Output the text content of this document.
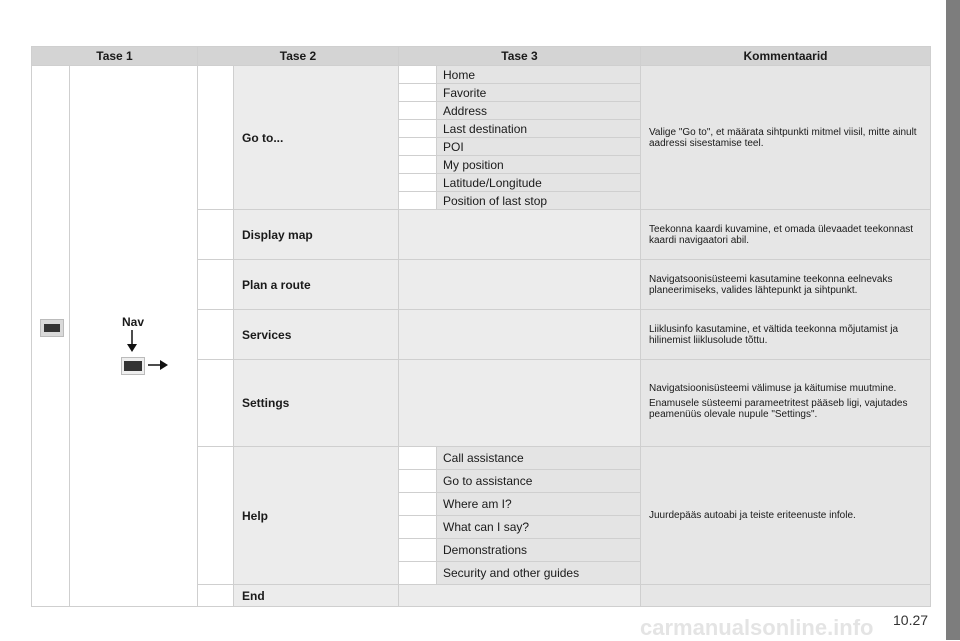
Tase 1		Tase 2		Tase 3		Kommentaarid

	Nav		Go to...		Home	Valige "Go to", et määrata sihtpunkti mitmel viisil, mitte ainult aadressi sisestamise teel.
					Favorite	
					Address	
					Last destination	
					POI	
					My position	
					Latitude/Longitude	
					Position of last stop	
			Display map			Teekonna kaardi kuvamine, et omada ülevaadet teekonnast kaardi navigaatori abil.
			Plan a route			Navigatsoonisüsteemi kasutamine teekonna eelnevaks planeerimiseks, valides lähtepunkt ja sihtpunkt.
			Services			Liiklusinfo kasutamine, et vältida teekonna mõjutamist ja hilinemist liiklusolude tõttu.
			Settings			Navigatsioonisüsteemi välimuse ja käitumise muutmine.

Enamusele süsteemi parameetritest pääseb ligi, vajutades peamenüüs olevale nupule "Settings".

			Help		Call assistance	Juurdepääs autoabi ja teiste eriteenuste infole.
					Go to assistance	
					Where am I?	
					What can I say?	
					Demonstrations	
					Security and other guides	
			End			
carmanualsonline.info 10.27
